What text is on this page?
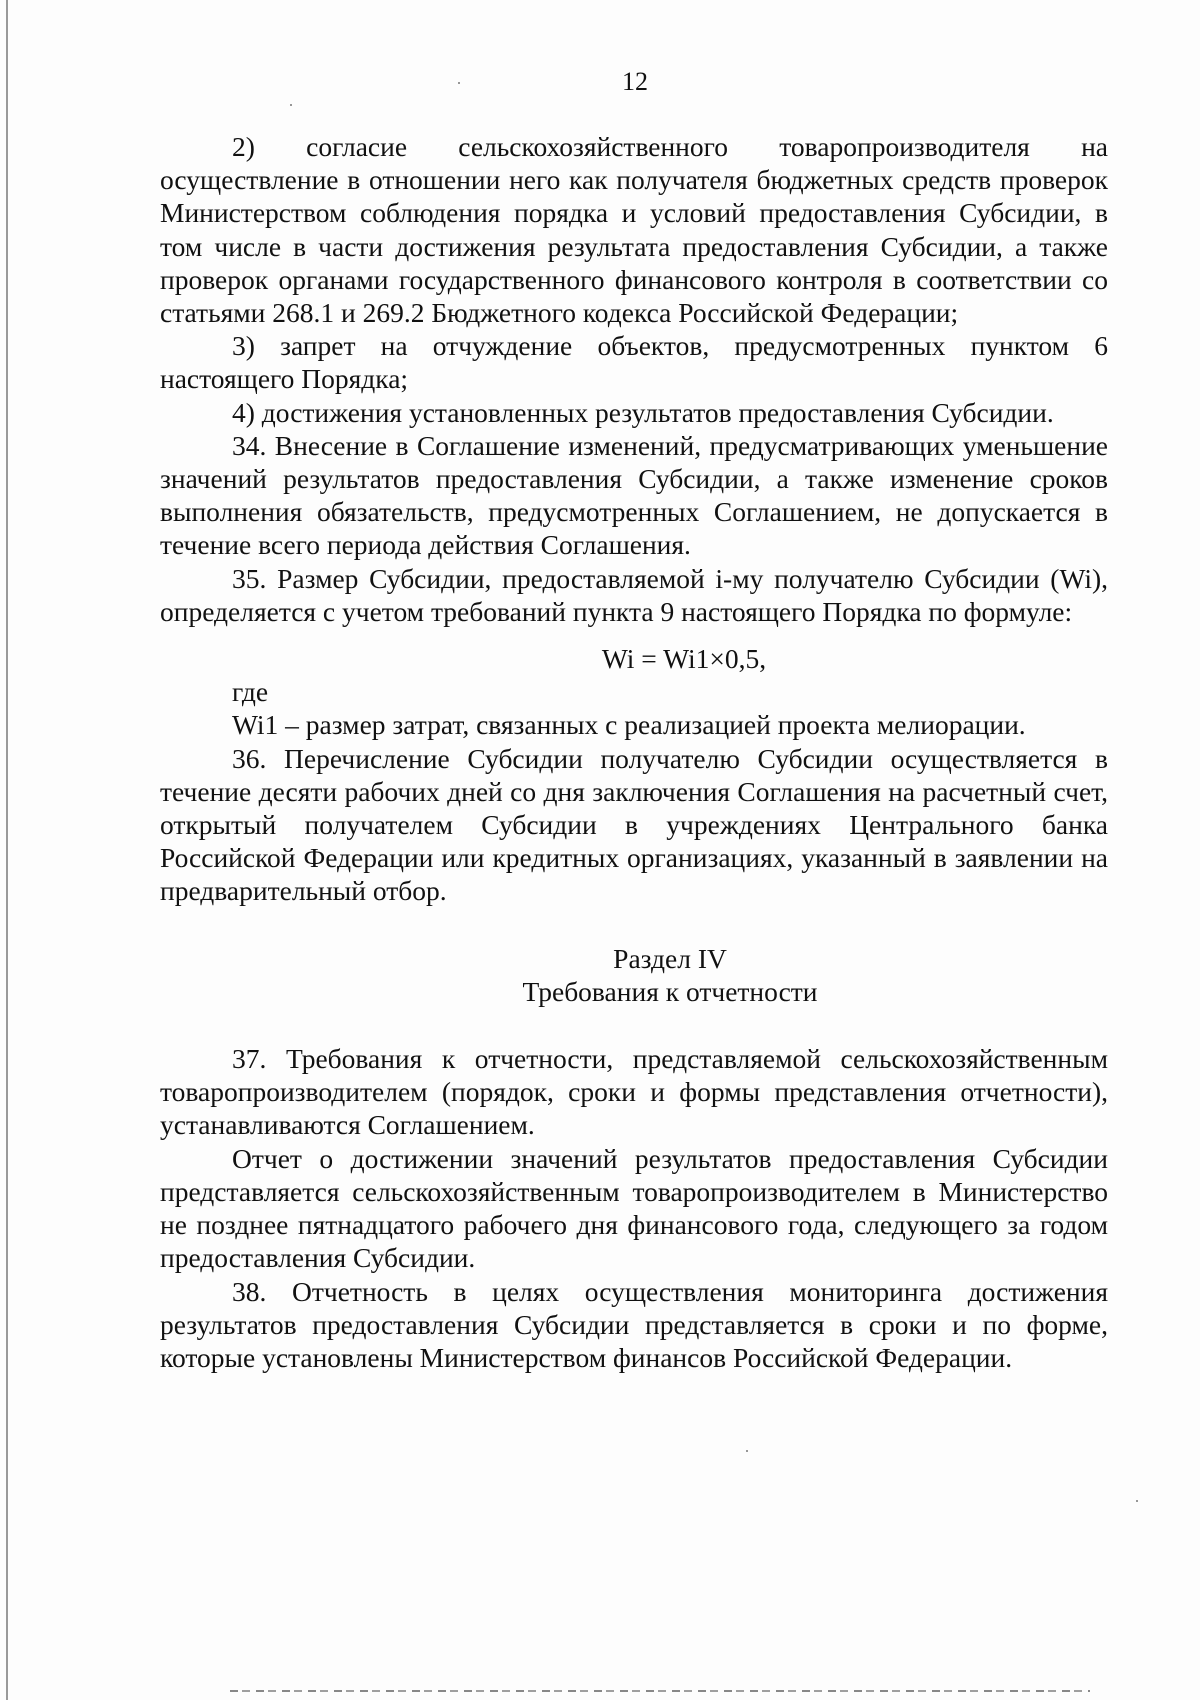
12

2) согласие сельскохозяйственного товаропроизводителя на осуществление в отношении него как получателя бюджетных средств проверок Министерством соблюдения порядка и условий предоставления Субсидии, в том числе в части достижения результата предоставления Субсидии, а также проверок органами государственного финансового контроля в соответствии со статьями 268.1 и 269.2 Бюджетного кодекса Российской Федерации;

3) запрет на отчуждение объектов, предусмотренных пунктом 6 настоящего Порядка;

4) достижения установленных результатов предоставления Субсидии.

34. Внесение в Соглашение изменений, предусматривающих уменьшение значений результатов предоставления Субсидии, а также изменение сроков выполнения обязательств, предусмотренных Соглашением, не допускается в течение всего периода действия Соглашения.

35. Размер Субсидии, предоставляемой i-му получателю Субсидии (Wi), определяется с учетом требований пункта 9 настоящего Порядка по формуле:

Wi = Wi1×0,5,

где

Wi1 – размер затрат, связанных с реализацией проекта мелиорации.

36. Перечисление Субсидии получателю Субсидии осуществляется в течение десяти рабочих дней со дня заключения Соглашения на расчетный счет, открытый получателем Субсидии в учреждениях Центрального банка Российской Федерации или кредитных организациях, указанный в заявлении на предварительный отбор.

Раздел IV

Требования к отчетности

37. Требования к отчетности, представляемой сельскохозяйственным товаропроизводителем (порядок, сроки и формы представления отчетности), устанавливаются Соглашением.

Отчет о достижении значений результатов предоставления Субсидии представляется сельскохозяйственным товаропроизводителем в Министерство не позднее пятнадцатого рабочего дня финансового года, следующего за годом предоставления Субсидии.

38. Отчетность в целях осуществления мониторинга достижения результатов предоставления Субсидии представляется в сроки и по форме, которые установлены Министерством финансов Российской Федерации.
